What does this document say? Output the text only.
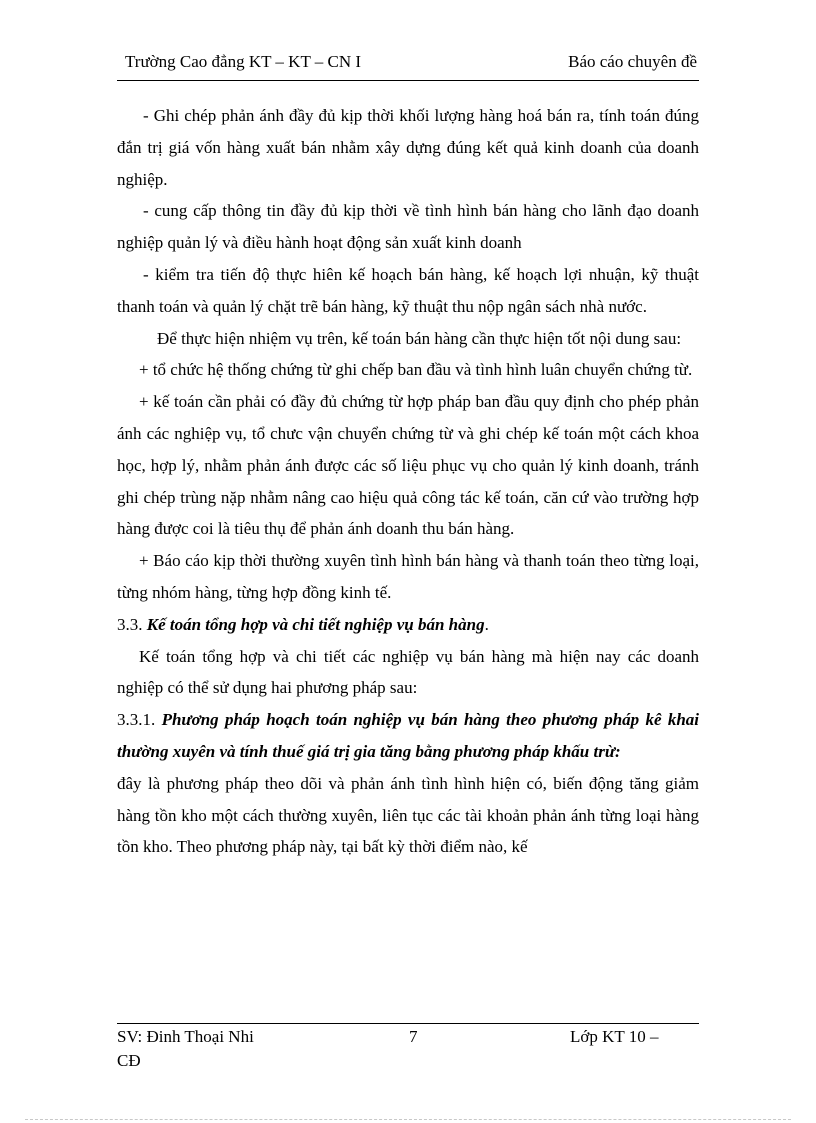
Trường Cao đẳng KT – KT – CN I	Báo cáo chuyên đề

- Ghi chép phản ánh đầy đủ kịp thời khối lượng hàng hoá bán ra, tính toán đúng đắn trị giá vốn hàng xuất bán nhằm xây dựng đúng kết quả kinh doanh của doanh nghiệp.

- cung cấp thông tin đầy đủ kịp thời về tình hình bán hàng cho lãnh đạo doanh nghiệp quản lý và điều hành hoạt động sản xuất kinh doanh

- kiểm tra tiến độ thực hiên kế hoạch bán hàng, kế hoạch lợi nhuận, kỹ thuật thanh toán và quản lý chặt trẽ bán hàng, kỹ thuật thu nộp ngân sách nhà nước.

Để thực hiện nhiệm vụ trên, kế toán bán hàng cần thực hiện tốt nội dung sau:

+ tổ chức hệ thống chứng từ ghi chếp ban đầu và tình hình luân chuyển chứng từ.

+ kế toán cần phải có đầy đủ chứng từ hợp pháp ban đầu quy định cho phép phản ánh các nghiệp vụ, tổ chưc vận chuyển chứng từ và ghi chép kế toán một cách khoa học, hợp lý, nhằm phản ánh được các số liệu phục vụ cho quản lý kinh doanh, tránh ghi chép trùng nặp nhằm nâng cao hiệu quả công tác kế toán, căn cứ vào trường hợp hàng được coi là tiêu thụ để phản ánh doanh thu bán hàng.

+ Báo cáo kịp thời thường xuyên tình hình bán hàng và thanh toán theo từng loại, từng nhóm hàng, từng hợp đồng kinh tế.

3.3. Kế toán tổng hợp và chi tiết nghiệp vụ bán hàng.

Kế toán tổng hợp và chi tiết các nghiệp vụ bán hàng mà hiện nay các doanh nghiệp có thể sử dụng hai phương pháp sau:

3.3.1. Phương pháp hoạch toán nghiệp vụ bán hàng theo phương pháp kê khai thường xuyên và tính thuế giá trị gia tăng bằng phương pháp khấu trừ:

đây là phương pháp theo dõi và phản ánh tình hình hiện có, biến động tăng giảm hàng tồn kho một cách thường xuyên, liên tục các tài khoản phản ánh từng loại hàng tồn kho. Theo phương pháp này, tại bất kỳ thời điểm nào, kế

SV: Đinh Thoại Nhi
CĐ
7	Lớp KT 10 –
